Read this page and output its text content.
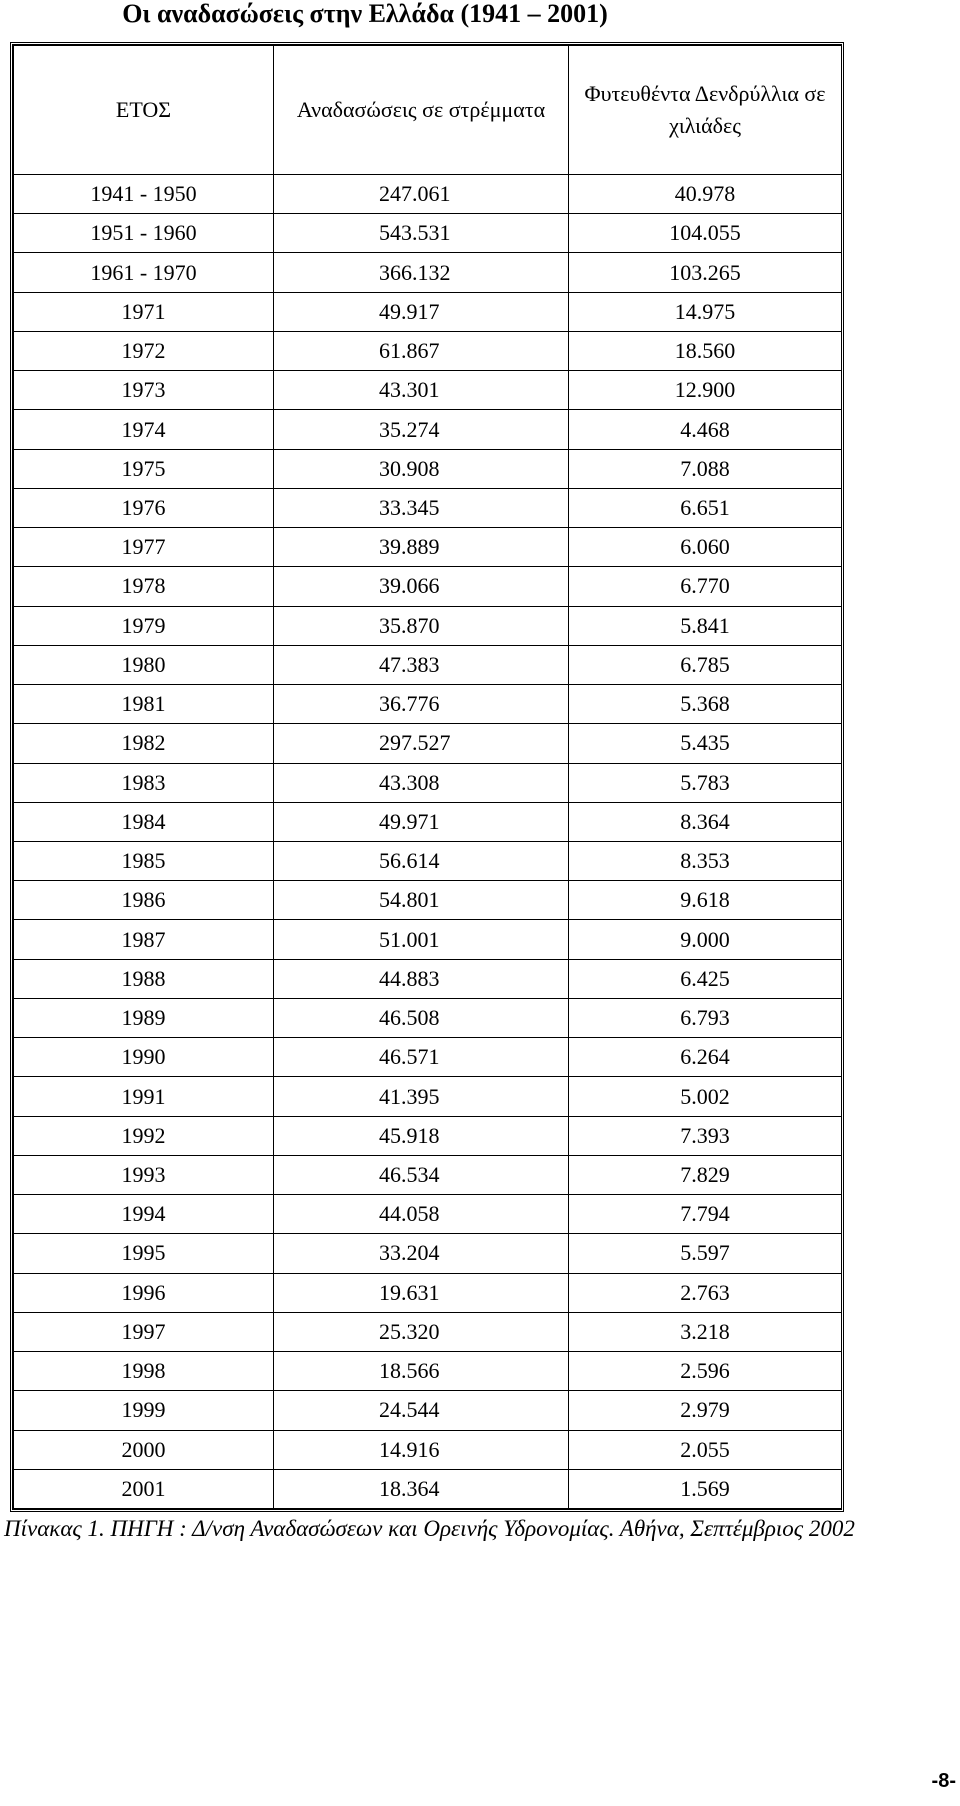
Οι αναδασώσεις στην Ελλάδα (1941 – 2001)
ΕΤΟΣ	Αναδασώσεις σε στρέμματα	Φυτευθέντα Δενδρύλλια σε χιλιάδες
1941 - 1950	247.061	40.978
1951 - 1960	543.531	104.055
1961 - 1970	366.132	103.265
1971	49.917	14.975
1972	61.867	18.560
1973	43.301	12.900
1974	35.274	4.468
1975	30.908	7.088
1976	33.345	6.651
1977	39.889	6.060
1978	39.066	6.770
1979	35.870	5.841
1980	47.383	6.785
1981	36.776	5.368
1982	297.527	5.435
1983	43.308	5.783
1984	49.971	8.364
1985	56.614	8.353
1986	54.801	9.618
1987	51.001	9.000
1988	44.883	6.425
1989	46.508	6.793
1990	46.571	6.264
1991	41.395	5.002
1992	45.918	7.393
1993	46.534	7.829
1994	44.058	7.794
1995	33.204	5.597
1996	19.631	2.763
1997	25.320	3.218
1998	18.566	2.596
1999	24.544	2.979
2000	14.916	2.055
2001	18.364	1.569
Πίνακας 1. ΠΗΓΗ : Δ/νση Αναδασώσεων και Ορεινής Υδρονομίας. Αθήνα, Σεπτέμβριος 2002
-8-
